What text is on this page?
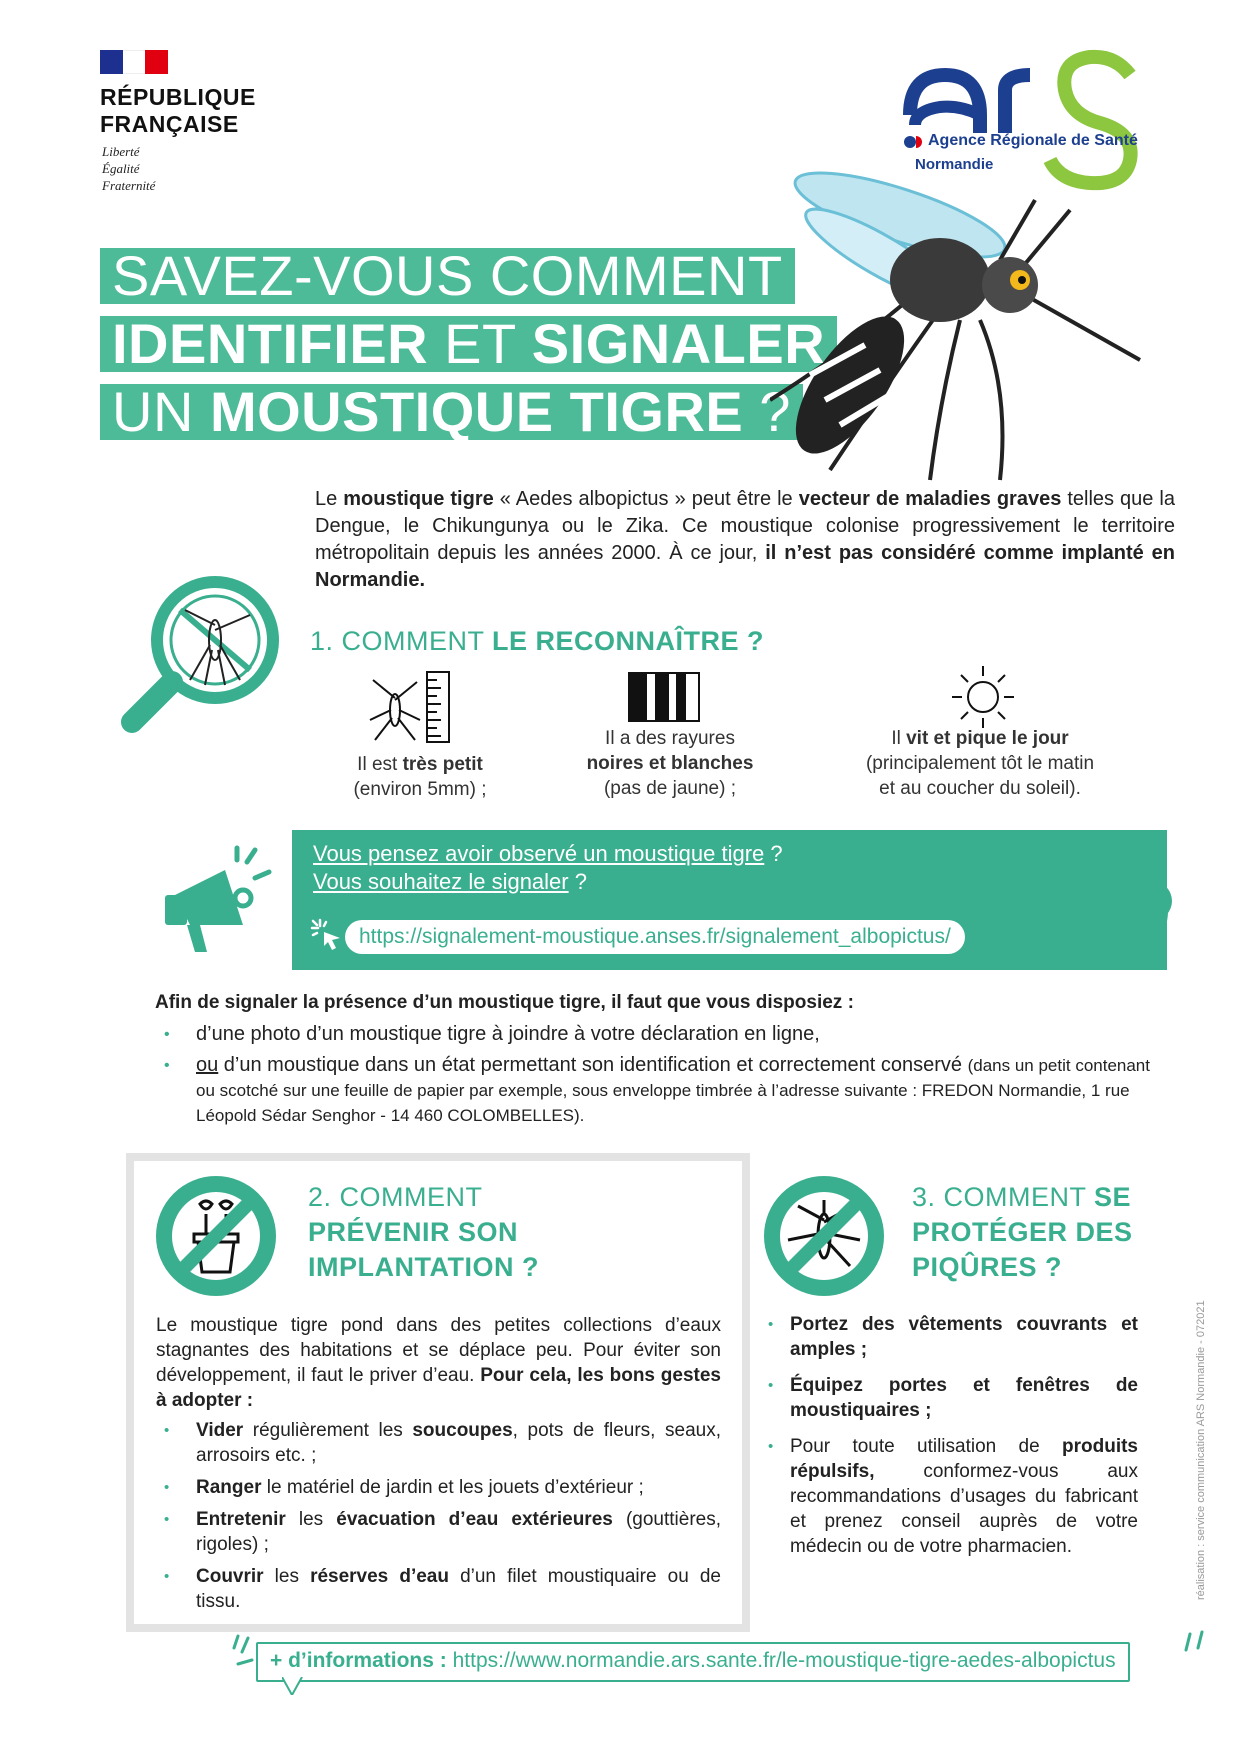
RÉPUBLIQUE
FRANÇAISE
Liberté
Égalité
Fraternité
Agence Régionale de Santé
Normandie
SAVEZ-VOUS COMMENT
IDENTIFIER ET SIGNALER
UN MOUSTIQUE TIGRE ?
Le moustique tigre « Aedes albopictus » peut être le vecteur de maladies graves telles que la Dengue, le Chikungunya ou le Zika. Ce moustique colonise progressivement le territoire métropolitain depuis les années 2000. À ce jour, il n’est pas considéré comme implanté en Normandie.
1. COMMENT LE RECONNAÎTRE ?
Il est très petit
(environ 5mm) ;
Il a des rayures
noires et blanches
(pas de jaune) ;
Il vit et pique le jour
(principalement tôt le matin
et au coucher du soleil).
Vous pensez avoir observé un moustique tigre ?
Vous souhaitez le signaler ?
https://signalement-moustique.anses.fr/signalement_albopictus/
Afin de signaler la présence d’un moustique tigre, il faut que vous disposiez :
• d’une photo d’un moustique tigre à joindre à votre déclaration en ligne,
• ou d’un moustique dans un état permettant son identification et correctement conservé (dans un petit contenant ou scotché sur une feuille de papier par exemple, sous enveloppe timbrée à l’adresse suivante : FREDON Normandie, 1 rue Léopold Sédar Senghor - 14 460 COLOMBELLES).
2. COMMENT
PRÉVENIR SON
IMPLANTATION ?
Le moustique tigre pond dans des petites collections d’eaux stagnantes des habitations et se déplace peu. Pour éviter son développement, il faut le priver d’eau. Pour cela, les bons gestes à adopter :
• Vider régulièrement les soucoupes, pots de fleurs, seaux, arrosoirs etc. ;
• Ranger le matériel de jardin et les jouets d’extérieur ;
• Entretenir les évacuation d’eau extérieures (gouttières, rigoles) ;
• Couvrir les réserves d’eau d’un filet moustiquaire ou de tissu.
3. COMMENT SE
PROTÉGER DES
PIQÛRES ?
• Portez des vêtements couvrants et amples ;
• Équipez portes et fenêtres de moustiquaires ;
• Pour toute utilisation de produits répulsifs, conformez-vous aux recommandations d’usages du fabricant et prenez conseil auprès de votre médecin ou de votre pharmacien.	réalisation : service communication ARS Normandie - 072021
+ d’informations : https://www.normandie.ars.sante.fr/le-moustique-tigre-aedes-albopictus
